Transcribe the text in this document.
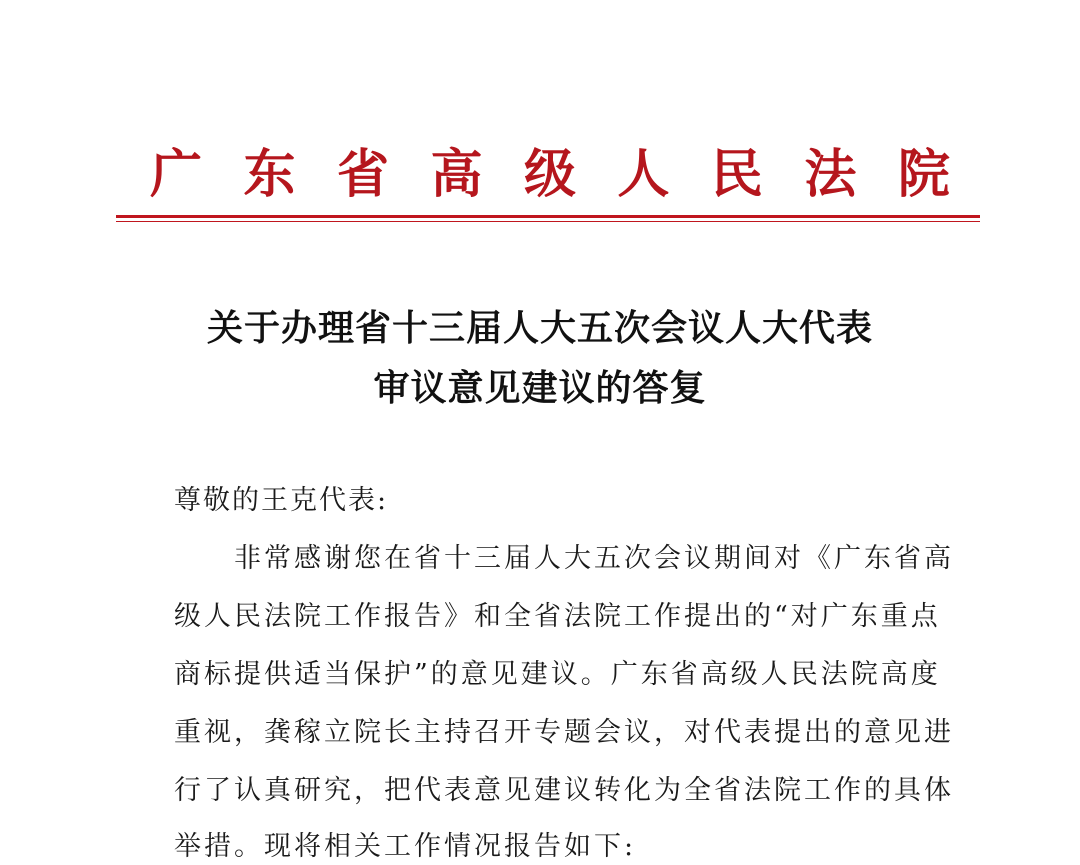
广 东 省 高 级 人 民 法 院
关于办理省十三届人大五次会议人大代表
审议意见建议的答复
尊敬的王克代表:
　　非常感谢您在省十三届人大五次会议期间对《广东省高
级人民法院工作报告》和全省法院工作提出的“对广东重点
商标提供适当保护”的意见建议。广东省高级人民法院高度
重视，龚稼立院长主持召开专题会议，对代表提出的意见进
行了认真研究，把代表意见建议转化为全省法院工作的具体
举措。现将相关工作情况报告如下:
